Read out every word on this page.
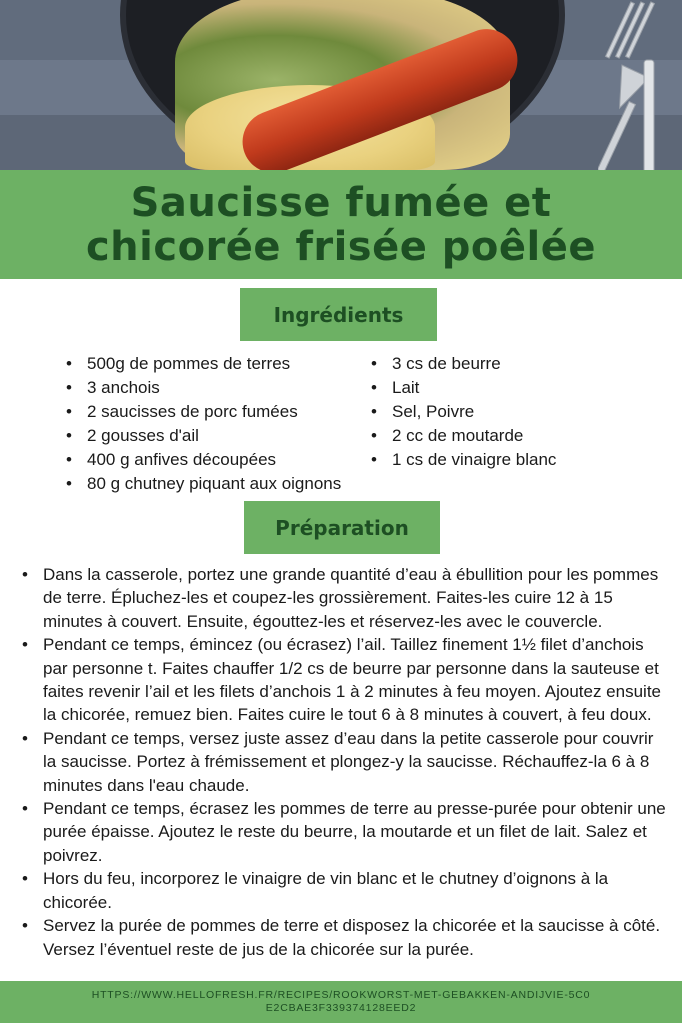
Saucisse fumée et chicorée frisée poêlée
Ingrédients
• 500g de pommes de terres
• 3 anchois
• 2 saucisses de porc fumées
• 2 gousses d'ail
• 400 g anfives découpées
• 80 g chutney piquant aux oignons
• 3 cs de beurre
• Lait
• Sel, Poivre
• 2 cc de moutarde
• 1 cs de vinaigre blanc
Préparation
• Dans la casserole, portez une grande quantité d’eau à ébullition pour les pommes de terre. Épluchez-les et coupez-les grossièrement. Faites-les cuire 12 à 15 minutes à couvert. Ensuite, égouttez-les et réservez-les avec le couvercle.
• Pendant ce temps, émincez (ou écrasez) l’ail. Taillez finement 1½ filet d’anchois par personne t. Faites chauffer 1/2 cs de beurre par personne dans la sauteuse et faites revenir l’ail et les filets d’anchois 1 à 2 minutes à feu moyen. Ajoutez ensuite la chicorée, remuez bien. Faites cuire le tout 6 à 8 minutes à couvert, à feu doux.
• Pendant ce temps, versez juste assez d’eau dans la petite casserole pour couvrir la saucisse. Portez à frémissement et plongez-y la saucisse. Réchauffez-la 6 à 8 minutes dans l'eau chaude.
• Pendant ce temps, écrasez les pommes de terre au presse-purée pour obtenir une purée épaisse. Ajoutez le reste du beurre, la moutarde et un filet de lait. Salez et poivrez.
• Hors du feu, incorporez le vinaigre de vin blanc et le chutney d’oignons à la chicorée.
• Servez la purée de pommes de terre et disposez la chicorée et la saucisse à côté. Versez l’éventuel reste de jus de la chicorée sur la purée.
HTTPS://WWW.HELLOFRESH.FR/RECIPES/ROOKWORST-MET-GEBAKKEN-ANDIJVIE-5C0E2CBAE3F339374128EED2
